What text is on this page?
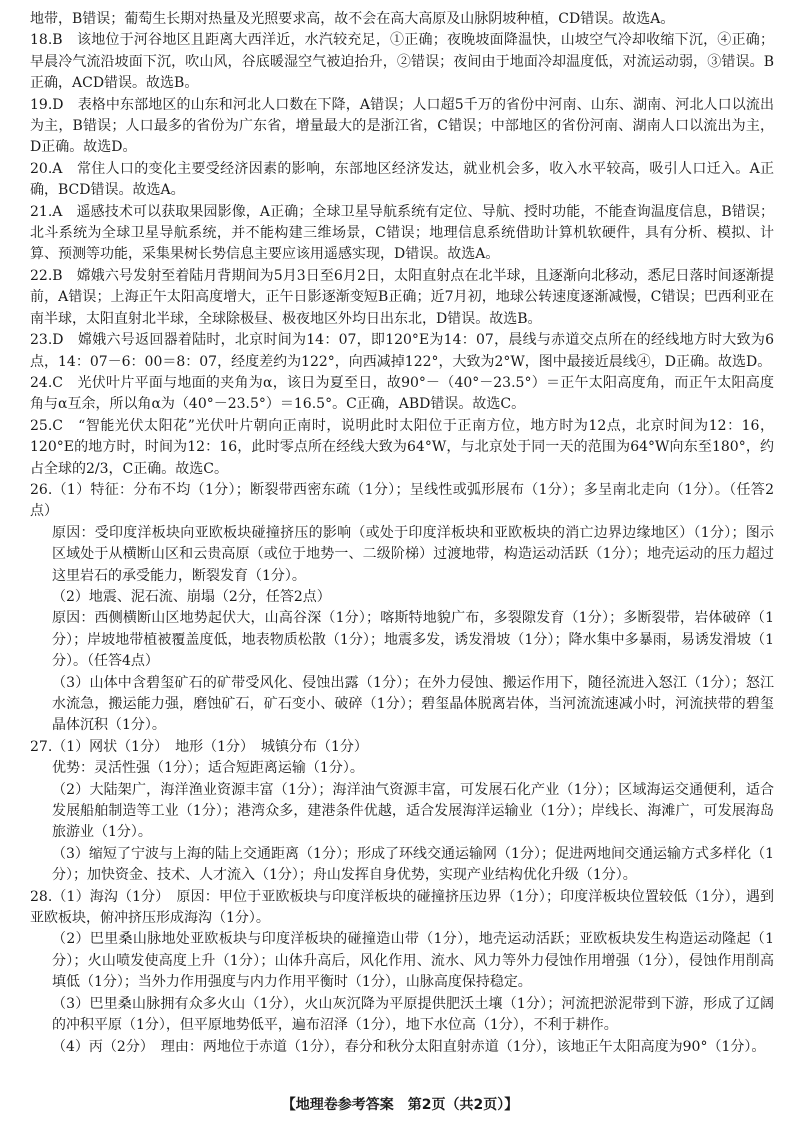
地带，B错误；葡萄生长期对热量及光照要求高，故不会在高大高原及山脉阴坡种植，CD错误。故选A。

18.B　该地位于河谷地区且距离大西洋近，水汽较充足，①正确；夜晚坡面降温快，山坡空气冷却收缩下沉，④正确；早晨冷气流沿坡面下沉，吹山风，谷底暖湿空气被迫抬升，②错误；夜间由于地面冷却温度低，对流运动弱，③错误。B正确，ACD错误。故选B。

19.D　表格中东部地区的山东和河北人口数在下降，A错误；人口超5千万的省份中河南、山东、湖南、河北人口以流出为主，B错误；人口最多的省份为广东省，增量最大的是浙江省，C错误；中部地区的省份河南、湖南人口以流出为主，D正确。故选D。

20.A　常住人口的变化主要受经济因素的影响，东部地区经济发达，就业机会多，收入水平较高，吸引人口迁入。A正确，BCD错误。故选A。

21.A　遥感技术可以获取果园影像，A正确；全球卫星导航系统有定位、导航、授时功能，不能查询温度信息，B错误；北斗系统为全球卫星导航系统，并不能构建三维场景，C错误；地理信息系统借助计算机软硬件，具有分析、模拟、计算、预测等功能，采集果树长势信息主要应该用遥感实现，D错误。故选A。

22.B　嫦娥六号发射至着陆月背期间为5月3日至6月2日，太阳直射点在北半球，且逐渐向北移动，悉尼日落时间逐渐提前，A错误；上海正午太阳高度增大，正午日影逐渐变短B正确；近7月初，地球公转速度逐渐减慢，C错误；巴西利亚在南半球，太阳直射北半球，全球除极昼、极夜地区外均日出东北，D错误。故选B。

23.D　嫦娥六号返回器着陆时，北京时间为14：07，即120°E为14：07，晨线与赤道交点所在的经线地方时大致为6点，14：07－6：00＝8：07，经度差约为122°，向西减掉122°，大致为2°W，图中最接近晨线④，D正确。故选D。

24.C　光伏叶片平面与地面的夹角为α，该日为夏至日，故90°－（40°－23.5°）＝正午太阳高度角，而正午太阳高度角与α互余，所以角α为（40°－23.5°）＝16.5°。C正确，ABD错误。故选C。

25.C　“智能光伏太阳花”光伏叶片朝向正南时，说明此时太阳位于正南方位，地方时为12点，北京时间为12：16，120°E的地方时，时间为12：16，此时零点所在经线大致为64°W，与北京处于同一天的范围为64°W向东至180°，约占全球的2/3，C正确。故选C。

26.（1）特征：分布不均（1分）；断裂带西密东疏（1分）；呈线性或弧形展布（1分）；多呈南北走向（1分）。（任答2点）

原因：受印度洋板块向亚欧板块碰撞挤压的影响（或处于印度洋板块和亚欧板块的消亡边界边缘地区）（1分）；图示区域处于从横断山区和云贵高原（或位于地势一、二级阶梯）过渡地带，构造运动活跃（1分）；地壳运动的压力超过这里岩石的承受能力，断裂发育（1分）。

（2）地震、泥石流、崩塌（2分，任答2点）

原因：西侧横断山区地势起伏大，山高谷深（1分）；喀斯特地貌广布，多裂隙发育（1分）；多断裂带，岩体破碎（1分）；岸坡地带植被覆盖度低，地表物质松散（1分）；地震多发，诱发滑坡（1分）；降水集中多暴雨，易诱发滑坡（1分）。（任答4点）

（3）山体中含碧玺矿石的矿带受风化、侵蚀出露（1分）；在外力侵蚀、搬运作用下，随径流进入怒江（1分）；怒江水流急，搬运能力强，磨蚀矿石，矿石变小、破碎（1分）；碧玺晶体脱离岩体，当河流流速减小时，河流挟带的碧玺晶体沉积（1分）。

27.（1）网状（1分）　地形（1分）　城镇分布（1分）

优势：灵活性强（1分）；适合短距离运输（1分）。

（2）大陆架广，海洋渔业资源丰富（1分）；海洋油气资源丰富，可发展石化产业（1分）；区域海运交通便利，适合发展船舶制造等工业（1分）；港湾众多，建港条件优越，适合发展海洋运输业（1分）；岸线长、海滩广，可发展海岛旅游业（1分）。

（3）缩短了宁波与上海的陆上交通距离（1分）；形成了环线交通运输网（1分）；促进两地间交通运输方式多样化（1分）；加快资金、技术、人才流入（1分）；舟山发挥自身优势，实现产业结构优化升级（1分）。

28.（1）海沟（1分）　原因：甲位于亚欧板块与印度洋板块的碰撞挤压边界（1分）；印度洋板块位置较低（1分），遇到亚欧板块，俯冲挤压形成海沟（1分）。

（2）巴里桑山脉地处亚欧板块与印度洋板块的碰撞造山带（1分），地壳运动活跃；亚欧板块发生构造运动隆起（1分）；火山喷发使高度上升（1分）；山体升高后，风化作用、流水、风力等外力侵蚀作用增强（1分），侵蚀作用削高填低（1分）；当外力作用强度与内力作用平衡时（1分），山脉高度保持稳定。

（3）巴里桑山脉拥有众多火山（1分），火山灰沉降为平原提供肥沃土壤（1分）；河流把淤泥带到下游，形成了辽阔的冲积平原（1分），但平原地势低平，遍布沼泽（1分），地下水位高（1分），不利于耕作。

（4）丙（2分）　理由：两地位于赤道（1分），春分和秋分太阳直射赤道（1分），该地正午太阳高度为90°（1分）。

【地理卷参考答案　第2页（共2页）】
